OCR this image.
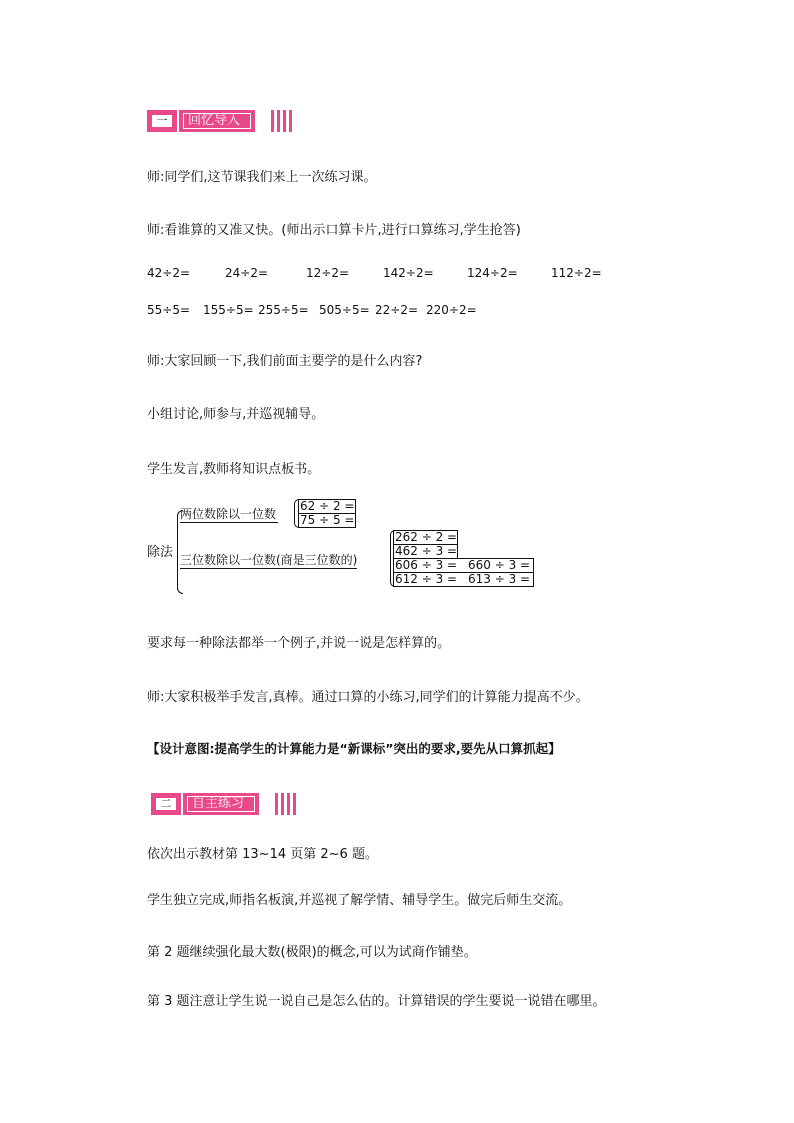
一	回忆导入
师:同学们,这节课我们来上一次练习课。
师:看谁算的又准又快。(师出示口算卡片,进行口算练习,学生抢答)
42÷2=	24÷2=	12÷2=	142÷2=	124÷2=	112÷2=
55÷5= 155÷5= 255÷5= 505÷5= 22÷2= 220÷2=
师:大家回顾一下,我们前面主要学的是什么内容?
小组讨论,师参与,并巡视辅导。
学生发言,教师将知识点板书。
除法
两位数除以一位数
62 ÷ 2 =
75 ÷ 5 =
三位数除以一位数(商是三位数的)
262 ÷ 2 =
462 ÷ 3 =
606 ÷ 3 = 660 ÷ 3 =
612 ÷ 3 = 613 ÷ 3 =
要求每一种除法都举一个例子,并说一说是怎样算的。
师:大家积极举手发言,真棒。通过口算的小练习,同学们的计算能力提高不少。
【设计意图:提高学生的计算能力是“新课标”突出的要求,要先从口算抓起】
二	自主练习
依次出示教材第 13~14 页第 2~6 题。
学生独立完成,师指名板演,并巡视了解学情、辅导学生。做完后师生交流。
第 2 题继续强化最大数(极限)的概念,可以为试商作铺垫。
第 3 题注意让学生说一说自己是怎么估的。计算错误的学生要说一说错在哪里。
